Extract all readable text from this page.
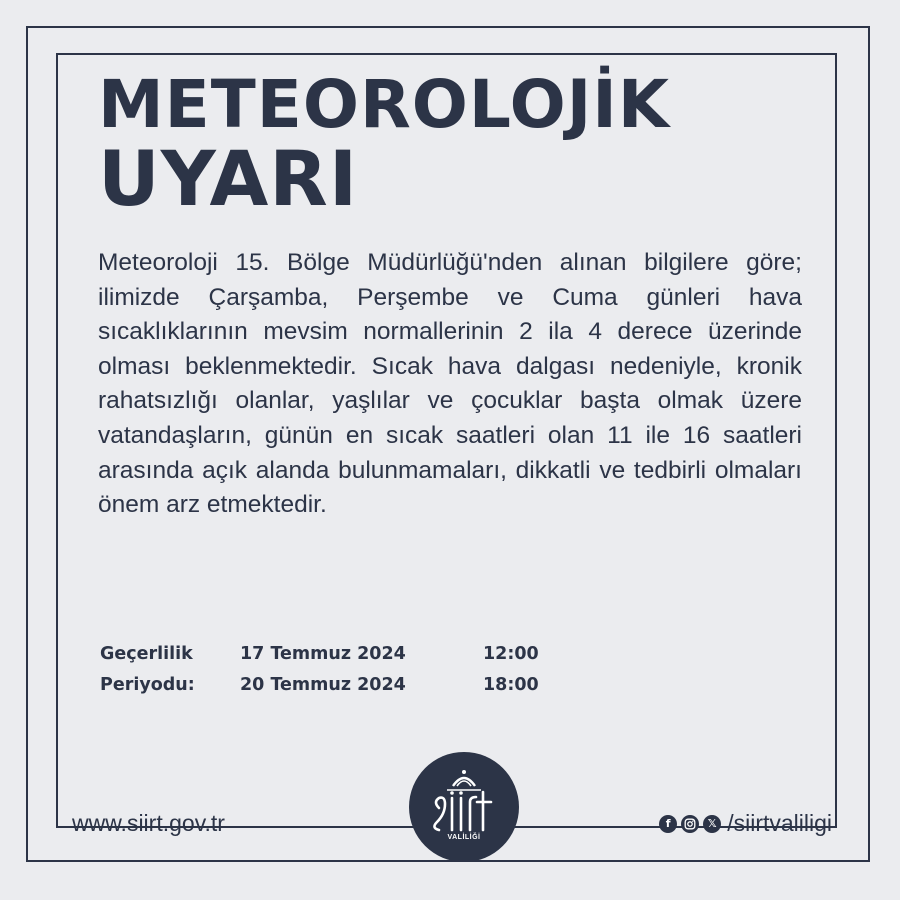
METEOROLOJİK
UYARI

Meteoroloji 15. Bölge Müdürlüğü'nden alınan bilgilere göre; ilimizde Çarşamba, Perşembe ve Cuma günleri hava sıcaklıklarının mevsim normallerinin 2 ila 4 derece üzerinde olması beklenmektedir. Sıcak hava dalgası nedeniyle, kronik rahatsızlığı olanlar, yaşlılar ve çocuklar başta olmak üzere vatandaşların, günün en sıcak saatleri olan 11 ile 16 saatleri arasında açık alanda bulunmamaları, dikkatli ve tedbirli olmaları önem arz etmektedir.

Geçerlilik	17 Temmuz 2024	12:00
Periyodu:	20 Temmuz 2024	18:00
www.siirt.gov.tr
VALİLİĞİ
f	𝕏 /siirtvaliligi
